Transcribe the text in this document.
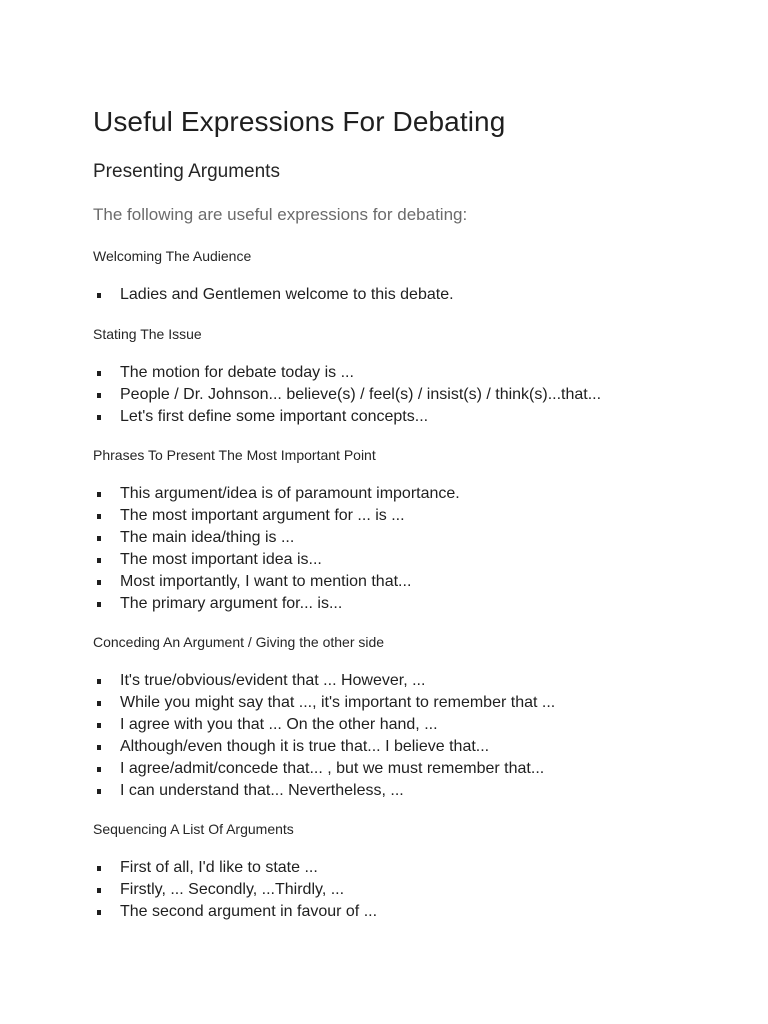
Useful Expressions For Debating
Presenting Arguments

The following are useful expressions for debating:

Welcoming The Audience
Ladies and Gentlemen welcome to this debate.
Stating The Issue
The motion for debate today is ...
People / Dr. Johnson... believe(s) / feel(s) / insist(s) / think(s)...that...
Let's first define some important concepts...
Phrases To Present The Most Important Point
This argument/idea is of paramount importance.
The most important argument for ... is ...
The main idea/thing is ...
The most important idea is...
Most importantly, I want to mention that...
The primary argument for... is...
Conceding An Argument / Giving the other side
It's true/obvious/evident that ... However, ...
While you might say that ..., it's important to remember that ...
I agree with you that ... On the other hand, ...
Although/even though it is true that... I believe that...
I agree/admit/concede that... , but we must remember that...
I can understand that... Nevertheless, ...
Sequencing A List Of Arguments
First of all, I'd like to state ...
Firstly, ... Secondly, ...Thirdly, ...
The second argument in favour of ...
